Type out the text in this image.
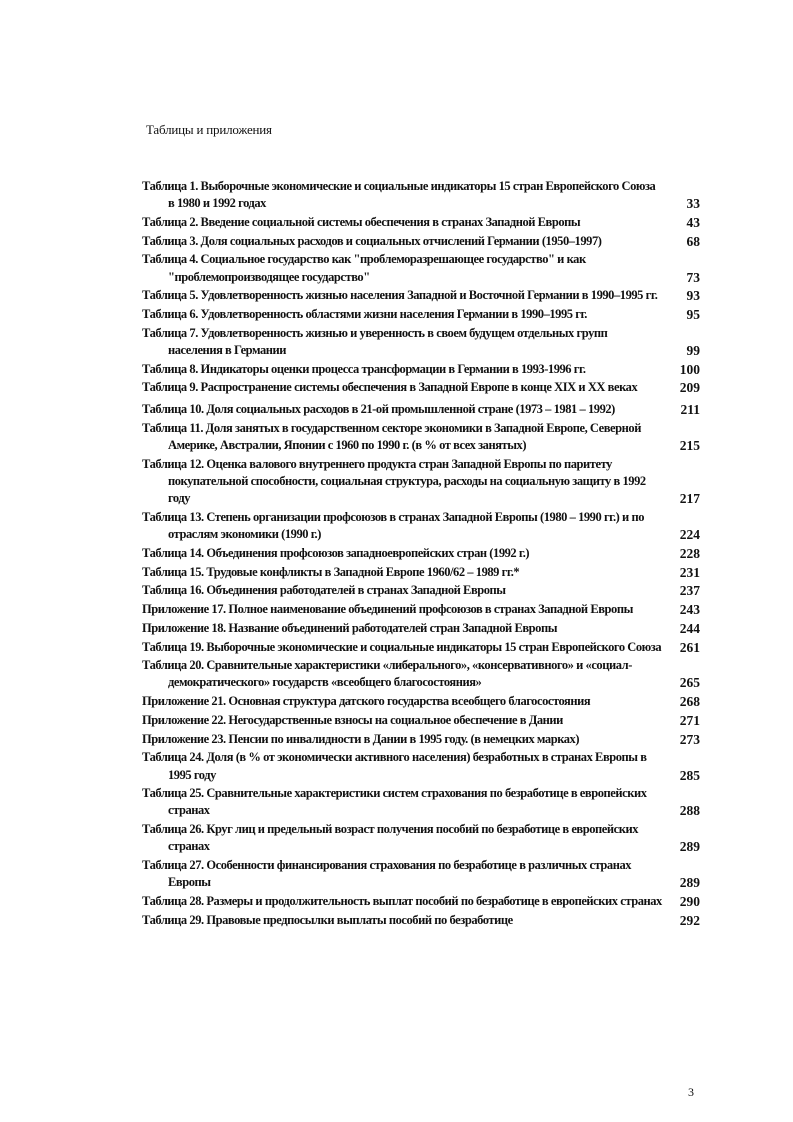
Таблицы и приложения
Таблица 1. Выборочные экономические и социальные индикаторы 15 стран Европейского Союза в 1980 и 1992 годах	33
Таблица 2. Введение социальной системы обеспечения в странах Западной Европы	43
Таблица 3. Доля социальных расходов и социальных отчислений Германии (1950–1997)	68
Таблица 4. Социальное государство как "проблеморазрешающее государство" и как "проблемопроизводящее государство"	73
Таблица 5. Удовлетворенность жизнью населения Западной и Восточной Германии в 1990–1995 гг.	93
Таблица 6. Удовлетворенность областями жизни населения Германии в 1990–1995 гг.	95
Таблица 7. Удовлетворенность жизнью и уверенность в своем будущем отдельных групп населения в Германии	99
Таблица 8. Индикаторы оценки процесса трансформации в Германии в 1993-1996 гг.	100
Таблица 9. Распространение системы обеспечения в Западной Европе в конце XIX и XX веках	209
Таблица 10. Доля социальных расходов в 21-ой промышленной стране (1973 – 1981 – 1992)	211
Таблица 11. Доля занятых в государственном секторе экономики в Западной Европе, Северной Америке, Австралии, Японии с 1960 по 1990 г. (в % от всех занятых)	215
Таблица 12. Оценка валового внутреннего продукта стран Западной Европы по паритету покупательной способности, социальная структура, расходы на социальную защиту в 1992 году	217
Таблица 13. Степень организации профсоюзов в странах Западной Европы (1980 – 1990 гг.) и по отраслям экономики (1990 г.)	224
Таблица 14. Объединения профсоюзов западноевропейских стран (1992 г.)	228
Таблица 15. Трудовые конфликты в Западной Европе 1960/62 – 1989 гг.*	231
Таблица 16. Объединения работодателей в странах Западной Европы	237
Приложение 17. Полное наименование объединений профсоюзов в странах Западной Европы	243
Приложение 18. Название объединений работодателей стран Западной Европы	244
Таблица 19. Выборочные экономические и социальные индикаторы 15 стран Европейского Союза	261
Таблица 20. Сравнительные характеристики «либерального», «консервативного» и «социал-демократического» государств «всеобщего благосостояния»	265
Приложение 21. Основная структура датского государства всеобщего благосостояния	268
Приложение 22. Негосударственные взносы на социальное обеспечение в Дании	271
Приложение 23. Пенсии по инвалидности в Дании в 1995 году. (в немецких марках)	273
Таблица 24. Доля (в % от экономически активного населения) безработных в странах Европы в 1995 году	285
Таблица 25. Сравнительные характеристики систем страхования по безработице в европейских странах	288
Таблица 26. Круг лиц и предельный возраст получения пособий по безработице в европейских странах	289
Таблица 27. Особенности финансирования страхования по безработице в различных странах Европы	289
Таблица 28. Размеры и продолжительность выплат пособий по безработице в европейских странах	290
Таблица 29. Правовые предпосылки выплаты пособий по безработице	292
3
